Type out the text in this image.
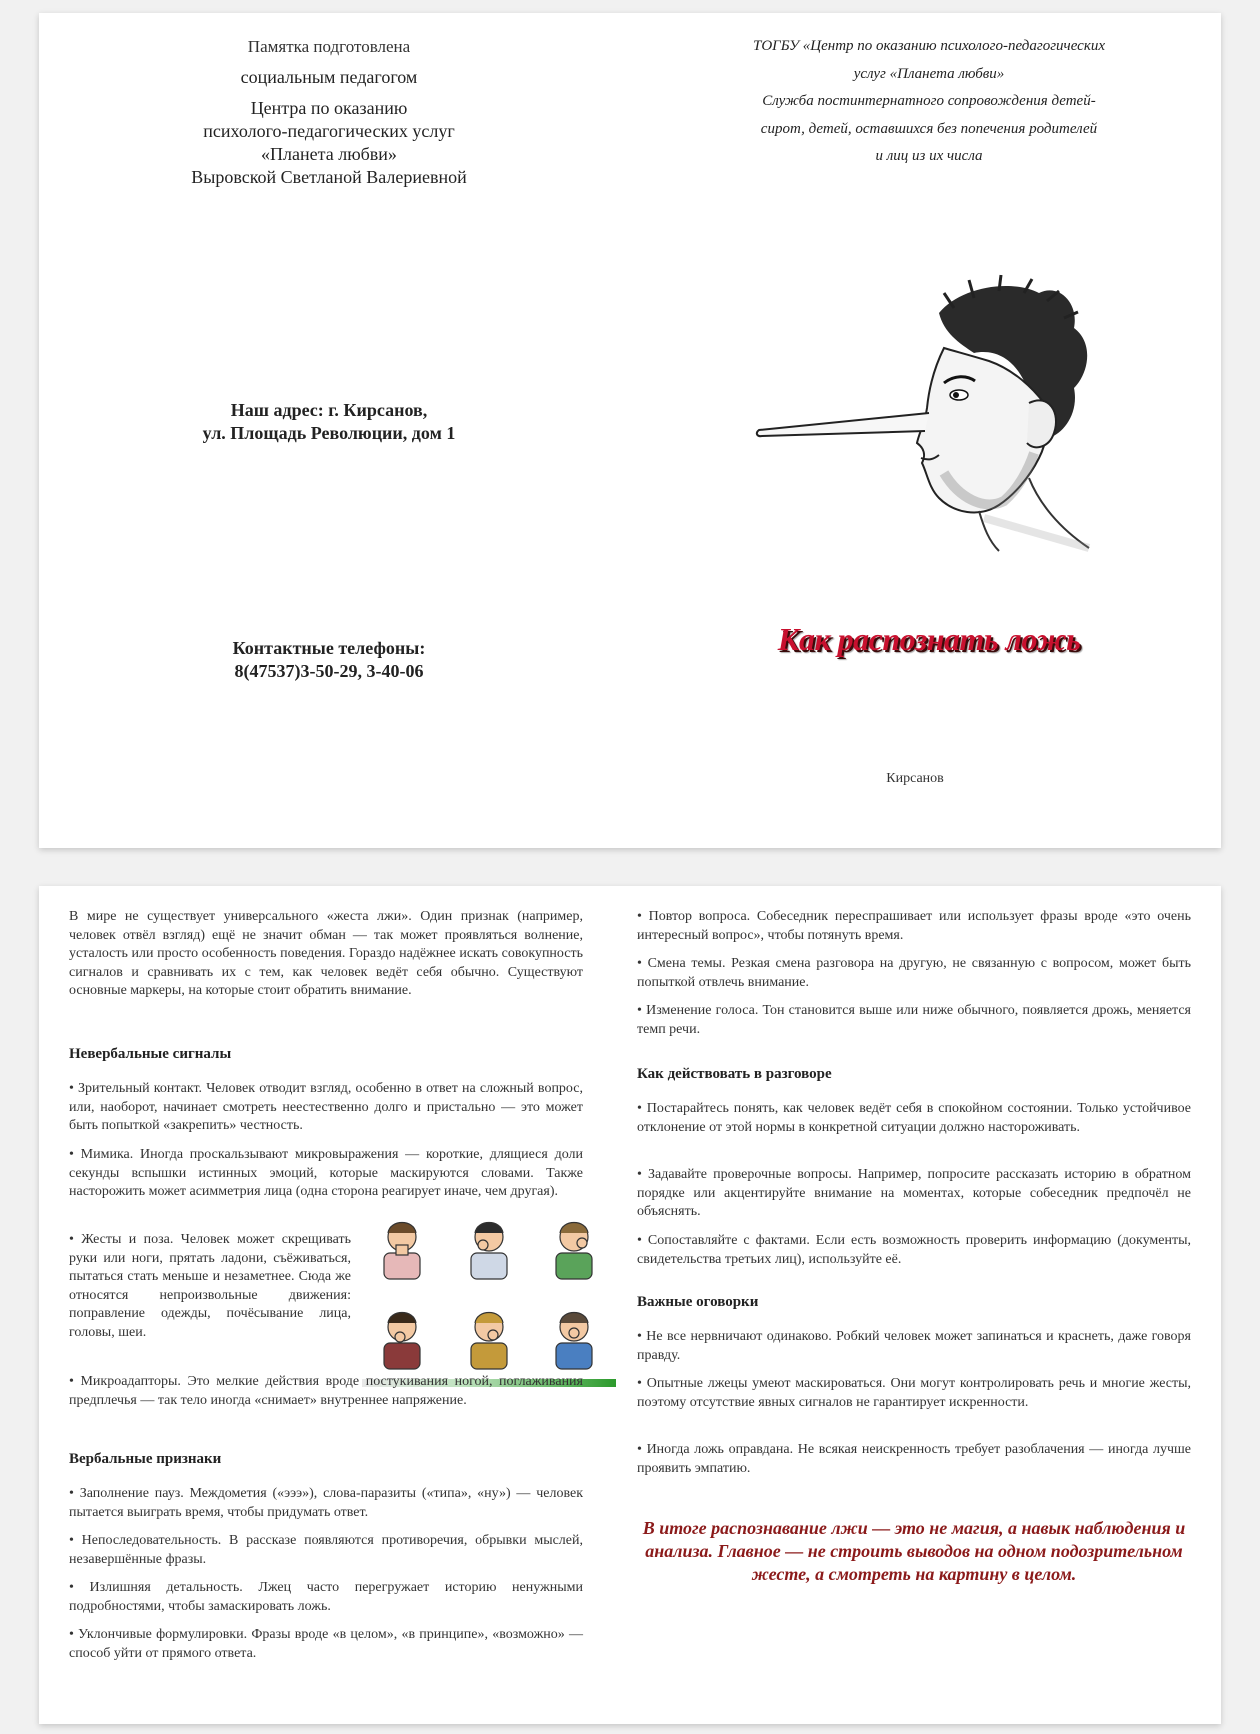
Памятка подготовлена
социальным педагогом
Центра по оказанию
психолого-педагогических услуг
«Планета любви»
Выровской Светланой Валериевной
Наш адрес: г. Кирсанов,
ул. Площадь Революции, дом 1
Контактные телефоны:
8(47537)3-50-29, 3-40-06
ТОГБУ «Центр по оказанию психолого-педагогических
услуг «Планета любви»
Служба постинтернатного сопровождения детей-
сирот, детей, оставшихся без попечения родителей
и лиц из их числа
Как распознать ложь
Кирсанов
В мире не существует универсального «жеста лжи». Один признак (например, человек отвёл взгляд) ещё не значит обман — так может проявляться волнение, усталость или просто особенность поведения. Гораздо надёжнее искать совокупность сигналов и сравнивать их с тем, как человек ведёт себя обычно. Существуют основные маркеры, на которые стоит обратить внимание.
Невербальные сигналы
• Зрительный контакт. Человек отводит взгляд, особенно в ответ на сложный вопрос, или, наоборот, начинает смотреть неестественно долго и пристально — это может быть попыткой «закрепить» честность.
• Мимика. Иногда проскальзывают микровыражения — короткие, длящиеся доли секунды вспышки истинных эмоций, которые маскируются словами. Также насторожить может асимметрия лица (одна сторона реагирует иначе, чем другая).
• Жесты и поза. Человек может скрещивать руки или ноги, прятать ладони, съёживаться, пытаться стать меньше и незаметнее. Сюда же относятся непроизвольные движения: поправление одежды, почёсывание лица, головы, шеи.
• Микроадапторы. Это мелкие действия вроде постукивания ногой, поглаживания предплечья — так тело иногда «снимает» внутреннее напряжение.
Вербальные признаки
• Заполнение пауз. Междометия («эээ»), слова-паразиты («типа», «ну») — человек пытается выиграть время, чтобы придумать ответ.
• Непоследовательность. В рассказе появляются противоречия, обрывки мыслей, незавершённые фразы.
• Излишняя детальность. Лжец часто перегружает историю ненужными подробностями, чтобы замаскировать ложь.
• Уклончивые формулировки. Фразы вроде «в целом», «в принципе», «возможно» — способ уйти от прямого ответа.
• Повтор вопроса. Собеседник переспрашивает или использует фразы вроде «это очень интересный вопрос», чтобы потянуть время.
• Смена темы. Резкая смена разговора на другую, не связанную с вопросом, может быть попыткой отвлечь внимание.
• Изменение голоса. Тон становится выше или ниже обычного, появляется дрожь, меняется темп речи.
Как действовать в разговоре
• Постарайтесь понять, как человек ведёт себя в спокойном состоянии. Только устойчивое отклонение от этой нормы в конкретной ситуации должно настороживать.
• Задавайте проверочные вопросы. Например, попросите рассказать историю в обратном порядке или акцентируйте внимание на моментах, которые собеседник предпочёл не объяснять.
• Сопоставляйте с фактами. Если есть возможность проверить информацию (документы, свидетельства третьих лиц), используйте её.
Важные оговорки
• Не все нервничают одинаково. Робкий человек может запинаться и краснеть, даже говоря правду.
• Опытные лжецы умеют маскироваться. Они могут контролировать речь и многие жесты, поэтому отсутствие явных сигналов не гарантирует искренности.
• Иногда ложь оправдана. Не всякая неискренность требует разоблачения — иногда лучше проявить эмпатию.
В итоге распознавание лжи — это не магия, а навык наблюдения и анализа. Главное — не строить выводов на одном подозрительном жесте, а смотреть на картину в целом.
